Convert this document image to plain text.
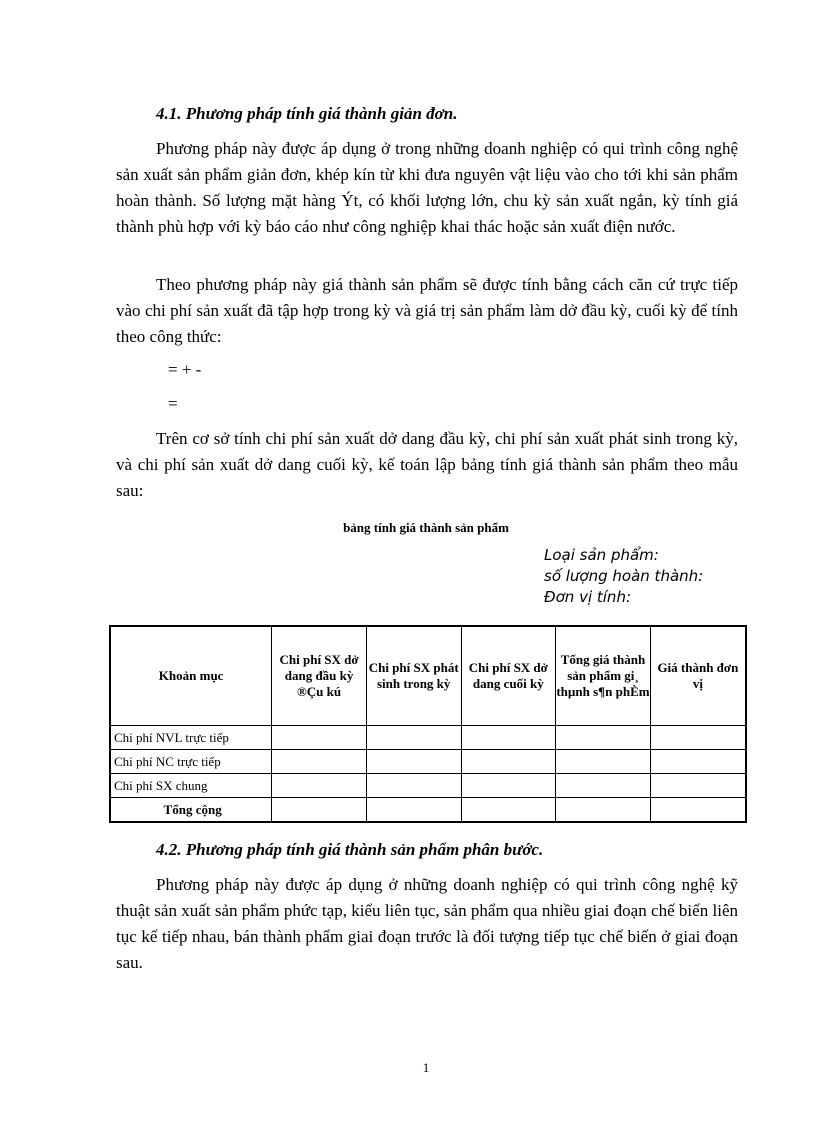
4.1. Phương pháp tính giá thành giản đơn.

Phương pháp này được áp dụng ở trong những doanh nghiệp có qui trình công nghệ sản xuất sản phẩm giản đơn, khép kín từ khi đưa nguyên vật liệu vào cho tới khi sản phẩm hoàn thành. Số lượng mặt hàng Ýt, có khối lượng lớn, chu kỳ sản xuất ngắn, kỳ tính giá thành phù hợp với kỳ báo cáo như công nghiệp khai thác hoặc sản xuất điện nước.

Theo phương pháp này giá thành sản phẩm sẽ được tính bằng cách căn cứ trực tiếp vào chi phí sản xuất đã tập hợp trong kỳ và giá trị sản phẩm làm dở đầu kỳ, cuối kỳ để tính theo công thức:

= + -

=

Trên cơ sở tính chi phí sản xuất dở dang đầu kỳ, chi phí sản xuất phát sinh trong kỳ, và chi phí sản xuất dở dang cuối kỳ, kế toán lập bảng tính giá thành sản phẩm theo mẫu sau:

bảng tính giá thành sản phẩm

Loại sản phẩm:
số lượng hoàn thành:
Đơn vị tính:
Khoản mục	Chi phí SX dở dang đầu kỳ ®Çu kú	Chi phí SX phát sinh trong kỳ	Chi phí SX dở dang cuối kỳ	Tổng giá thành sản phẩm gi¸ thµnh s¶n phÈm	Giá thành đơn vị
Chi phí NVL trực tiếp					
Chi phí NC trực tiếp					
Chi phí SX chung					
Tổng cộng					

4.2. Phương pháp tính giá thành sản phẩm phân bước.

Phương pháp này được áp dụng ở những doanh nghiệp có qui trình công nghệ kỹ thuật sản xuất sản phẩm phức tạp, kiểu liên tục, sản phẩm qua nhiều giai đoạn chế biến liên tục kế tiếp nhau, bán thành phẩm giai đoạn trước là đối tượng tiếp tục chế biến ở giai đoạn sau.

1
